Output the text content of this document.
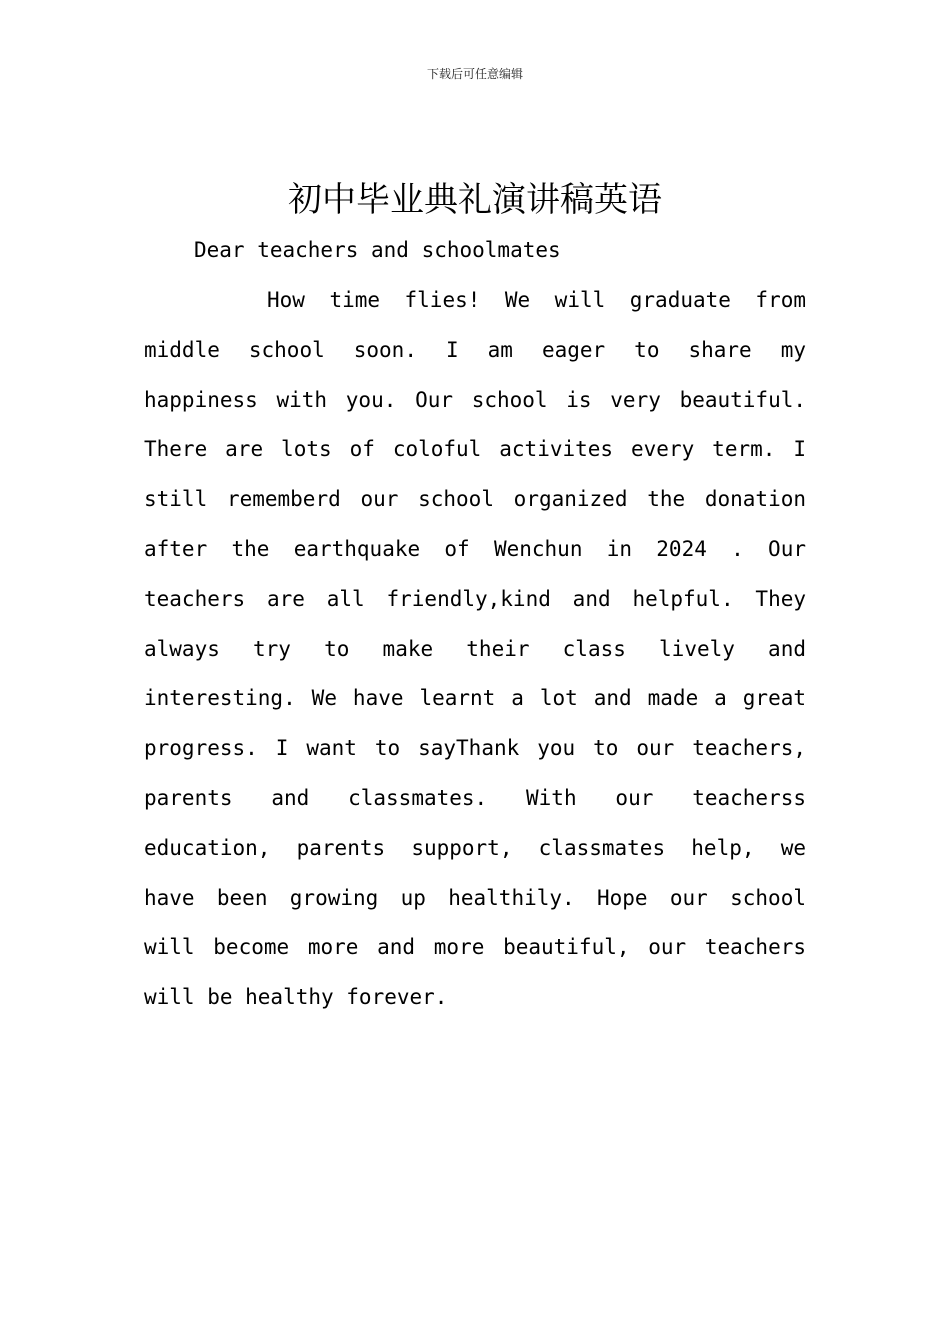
下载后可任意编辑
初中毕业典礼演讲稿英语
Dear teachers and schoolmates
How time flies! We will graduate from
middle school soon. I am eager to share my
happiness with you. Our school is very beautiful.
There are lots of coloful activites every term. I
still rememberd our school organized the donation
after the earthquake of Wenchun in 2024 . Our
teachers are all friendly,kind and helpful. They
always try to make their class lively and
interesting. We have learnt a lot and made a great
progress. I want to sayThank you to our teachers,
parents and classmates. With our teacherss
education, parents support, classmates help, we
have been growing up healthily. Hope our school
will become more and more beautiful, our teachers
will be healthy forever.
